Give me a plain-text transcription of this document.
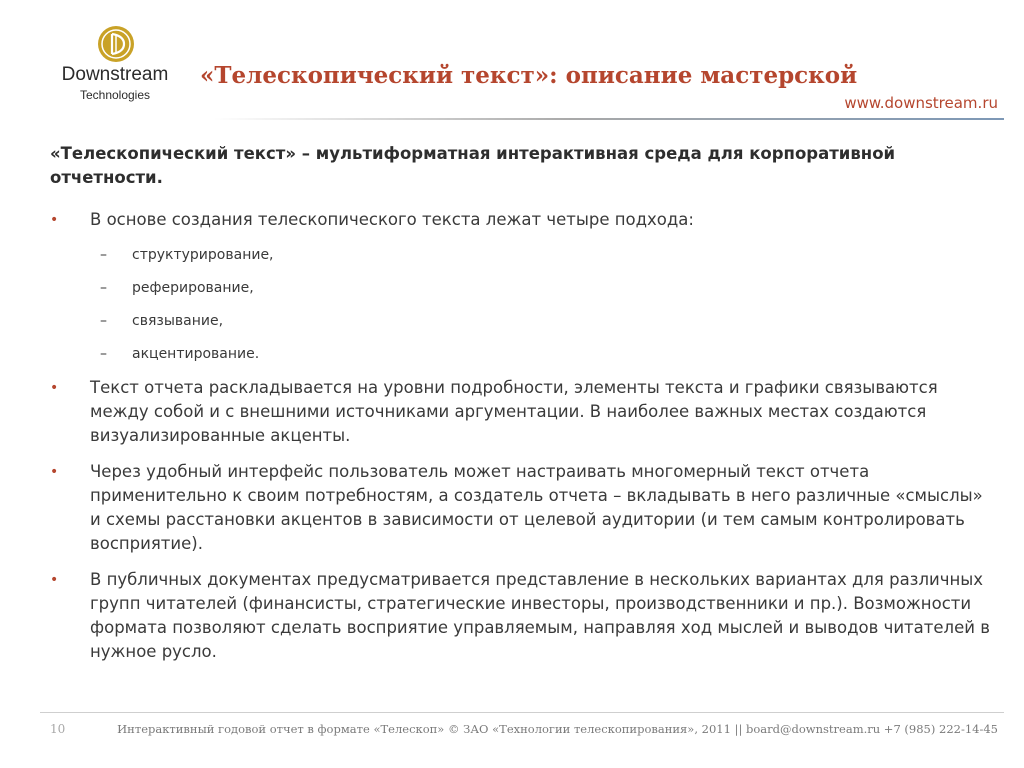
Downstream
Technologies
«Телескопический текст»: описание мастерской
www.downstream.ru
«Телескопический текст» – мультиформатная интерактивная среда для корпоративной отчетности.
•	В основе создания телескопического текста лежат четыре подхода:
– структурирование,
– реферирование,
– связывание,
– акцентирование.
•	Текст отчета раскладывается на уровни подробности, элементы текста и графики связываются между собой и с внешними источниками аргументации. В наиболее важных местах создаются визуализированные акценты.
•	Через удобный интерфейс пользователь может настраивать многомерный текст отчета применительно к своим потребностям, а создатель отчета – вкладывать в него различные «смыслы» и схемы расстановки акцентов в зависимости от целевой аудитории (и тем самым контролировать восприятие).
•	В публичных документах предусматривается представление в нескольких вариантах для различных групп читателей (финансисты, стратегические инвесторы, производственники и пр.). Возможности формата позволяют сделать восприятие управляемым, направляя ход мыслей и выводов читателей в нужное русло.
10	Интерактивный годовой отчет в формате «Телескоп» © ЗАО «Технологии телескопирования», 2011 || board@downstream.ru +7 (985) 222-14-45
